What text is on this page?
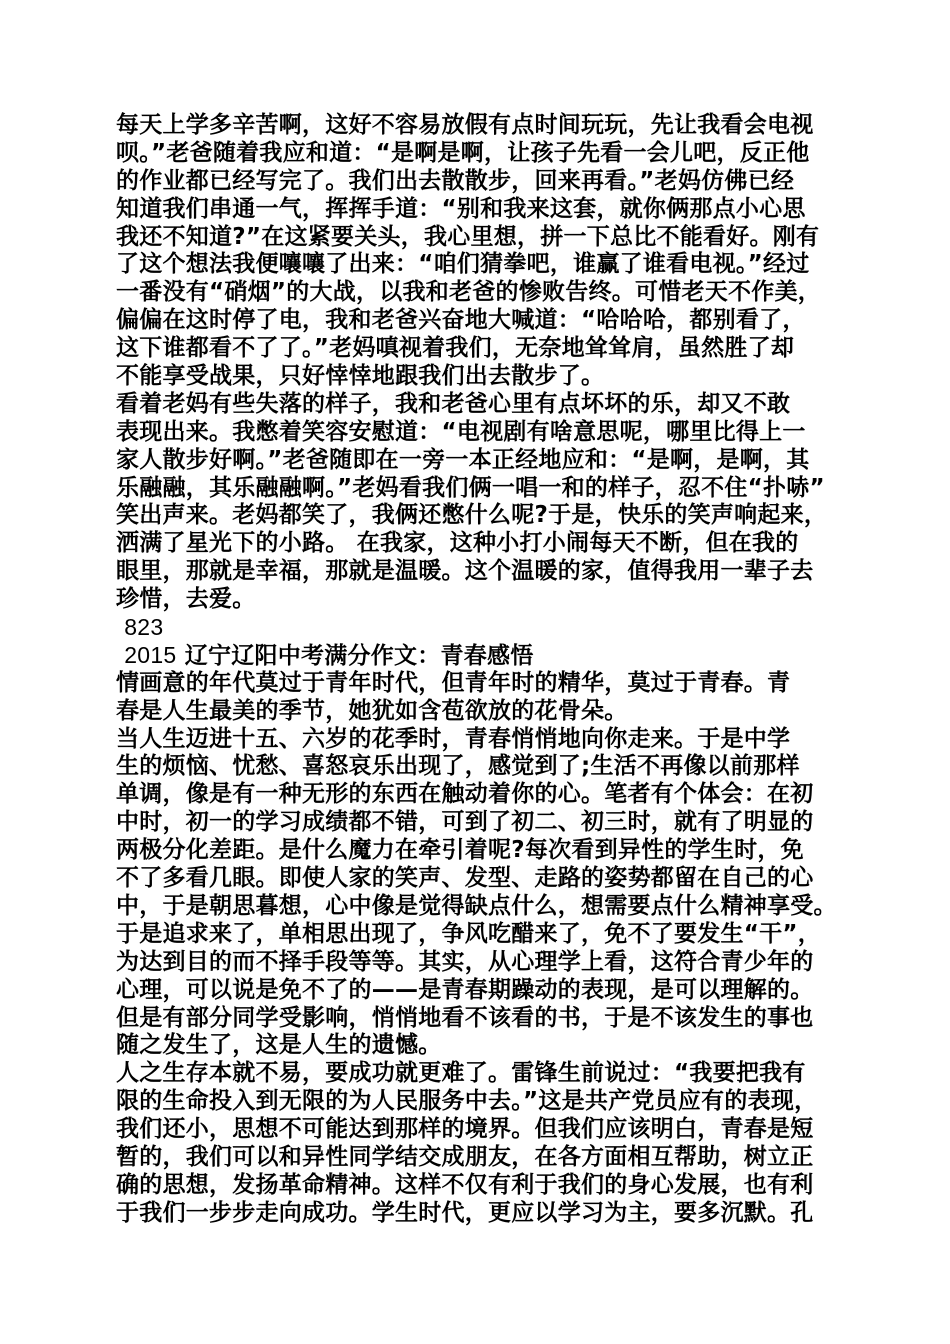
每天上学多辛苦啊，这好不容易放假有点时间玩玩，先让我看会电视
呗。”老爸随着我应和道：“是啊是啊，让孩子先看一会儿吧，反正他
的作业都已经写完了。我们出去散散步，回来再看。”老妈仿佛已经
知道我们串通一气，挥挥手道：“别和我来这套，就你俩那点小心思
我还不知道?”在这紧要关头，我心里想，拼一下总比不能看好。刚有
了这个想法我便嚷嚷了出来：“咱们猜拳吧，谁赢了谁看电视。”经过
一番没有“硝烟”的大战，以我和老爸的惨败告终。可惜老天不作美，
偏偏在这时停了电，我和老爸兴奋地大喊道：“哈哈哈，都别看了，
这下谁都看不了了。”老妈嗔视着我们，无奈地耸耸肩，虽然胜了却
不能享受战果，只好悻悻地跟我们出去散步了。
看着老妈有些失落的样子，我和老爸心里有点坏坏的乐，却又不敢
表现出来。我憋着笑容安慰道：“电视剧有啥意思呢，哪里比得上一
家人散步好啊。”老爸随即在一旁一本正经地应和：“是啊，是啊，其
乐融融，其乐融融啊。”老妈看我们俩一唱一和的样子，忍不住“扑哧”
笑出声来。老妈都笑了，我俩还憋什么呢?于是，快乐的笑声响起来，
洒满了星光下的小路。 在我家，这种小打小闹每天不断，但在我的
眼里，那就是幸福，那就是温暖。这个温暖的家，值得我用一辈子去
珍惜，去爱。
823
2015 辽宁辽阳中考满分作文：青春感悟
情画意的年代莫过于青年时代，但青年时的精华，莫过于青春。青
春是人生最美的季节，她犹如含苞欲放的花骨朵。
当人生迈进十五、六岁的花季时，青春悄悄地向你走来。于是中学
生的烦恼、忧愁、喜怒哀乐出现了，感觉到了;生活不再像以前那样
单调，像是有一种无形的东西在触动着你的心。笔者有个体会：在初
中时，初一的学习成绩都不错，可到了初二、初三时，就有了明显的
两极分化差距。是什么魔力在牵引着呢?每次看到异性的学生时，免
不了多看几眼。即使人家的笑声、发型、走路的姿势都留在自己的心
中，于是朝思暮想，心中像是觉得缺点什么，想需要点什么精神享受。
于是追求来了，单相思出现了，争风吃醋来了，免不了要发生“干”，
为达到目的而不择手段等等。其实，从心理学上看，这符合青少年的
心理，可以说是免不了的——是青春期躁动的表现，是可以理解的。
但是有部分同学受影响，悄悄地看不该看的书，于是不该发生的事也
随之发生了，这是人生的遗憾。
人之生存本就不易，要成功就更难了。雷锋生前说过：“我要把我有
限的生命投入到无限的为人民服务中去。”这是共产党员应有的表现，
我们还小，思想不可能达到那样的境界。但我们应该明白，青春是短
暂的，我们可以和异性同学结交成朋友，在各方面相互帮助，树立正
确的思想，发扬革命精神。这样不仅有利于我们的身心发展，也有利
于我们一步步走向成功。学生时代，更应以学习为主，要多沉默。孔
